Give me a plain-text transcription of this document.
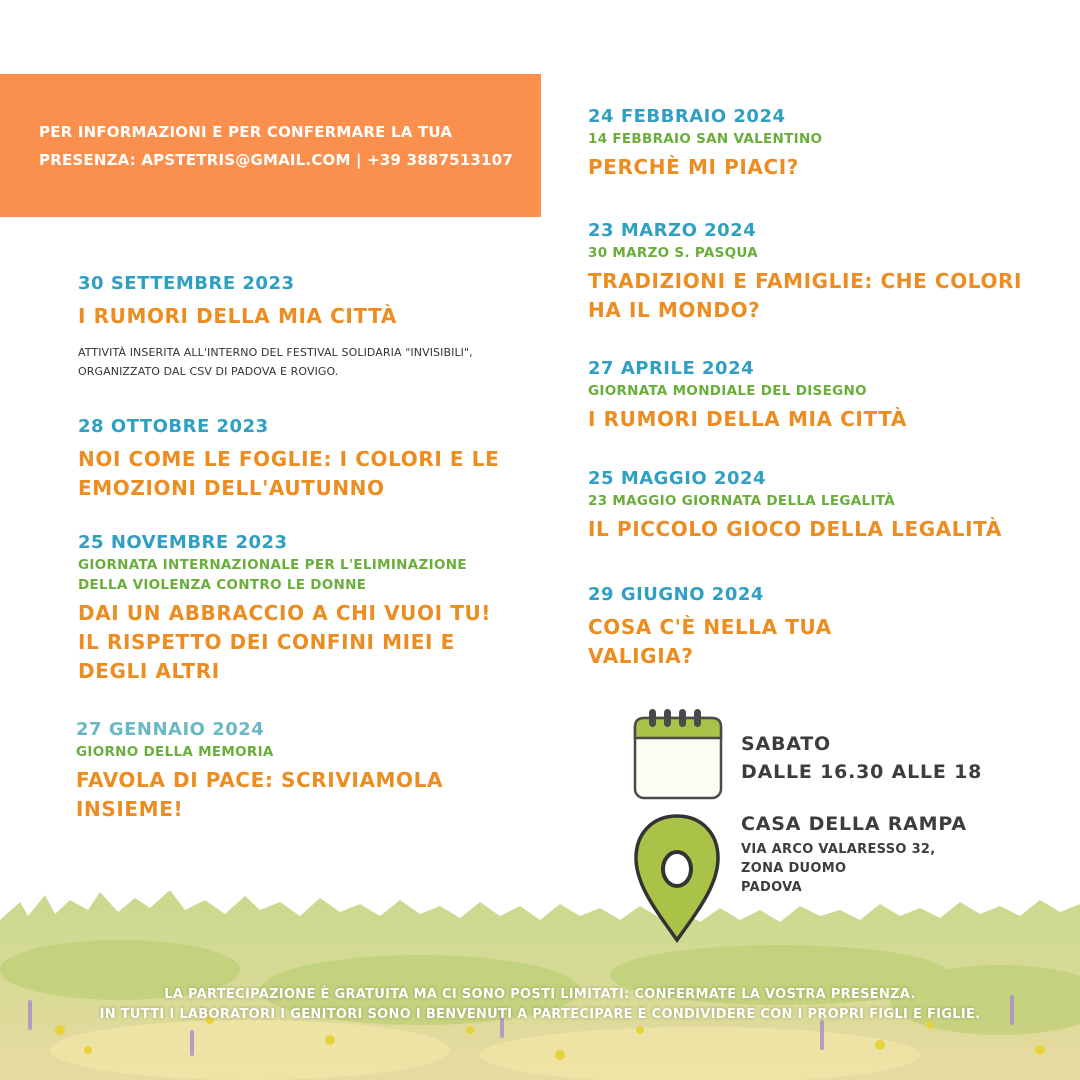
PER INFORMAZIONI E PER CONFERMARE LA TUA
PRESENZA: APSTETRIS@GMAIL.COM | +39 3887513107

30 SETTEMBRE 2023
I RUMORI DELLA MIA CITTÀ
ATTIVITÀ INSERITA ALL'INTERNO DEL FESTIVAL SOLIDARIA "INVISIBILI",
ORGANIZZATO DAL CSV DI PADOVA E ROVIGO.
28 OTTOBRE 2023
NOI COME LE FOGLIE: I COLORI E LE
EMOZIONI DELL'AUTUNNO
25 NOVEMBRE 2023
GIORNATA INTERNAZIONALE PER L'ELIMINAZIONE
DELLA VIOLENZA CONTRO LE DONNE
DAI UN ABBRACCIO A CHI VUOI TU!
IL RISPETTO DEI CONFINI MIEI E
DEGLI ALTRI
27 GENNAIO 2024
GIORNO DELLA MEMORIA
FAVOLA DI PACE: SCRIVIAMOLA
INSIEME!
24 FEBBRAIO 2024
14 FEBBRAIO SAN VALENTINO
PERCHÈ MI PIACI?
23 MARZO 2024
30 MARZO S. PASQUA
TRADIZIONI E FAMIGLIE: CHE COLORI
HA IL MONDO?
27 APRILE 2024
GIORNATA MONDIALE DEL DISEGNO
I RUMORI DELLA MIA CITTÀ
25 MAGGIO 2024
23 MAGGIO GIORNATA DELLA LEGALITÀ
IL PICCOLO GIOCO DELLA LEGALITÀ
29 GIUGNO 2024
COSA C'È NELLA TUA
VALIGIA?
SABATO
DALLE 16.30 ALLE 18
CASA DELLA RAMPA
VIA ARCO VALARESSO 32,
ZONA DUOMO
PADOVA
LA PARTECIPAZIONE È GRATUITA MA CI SONO POSTI LIMITATI: CONFERMATE LA VOSTRA PRESENZA.
IN TUTTI I LABORATORI I GENITORI SONO I BENVENUTI A PARTECIPARE E CONDIVIDERE CON I PROPRI FIGLI E FIGLIE.
